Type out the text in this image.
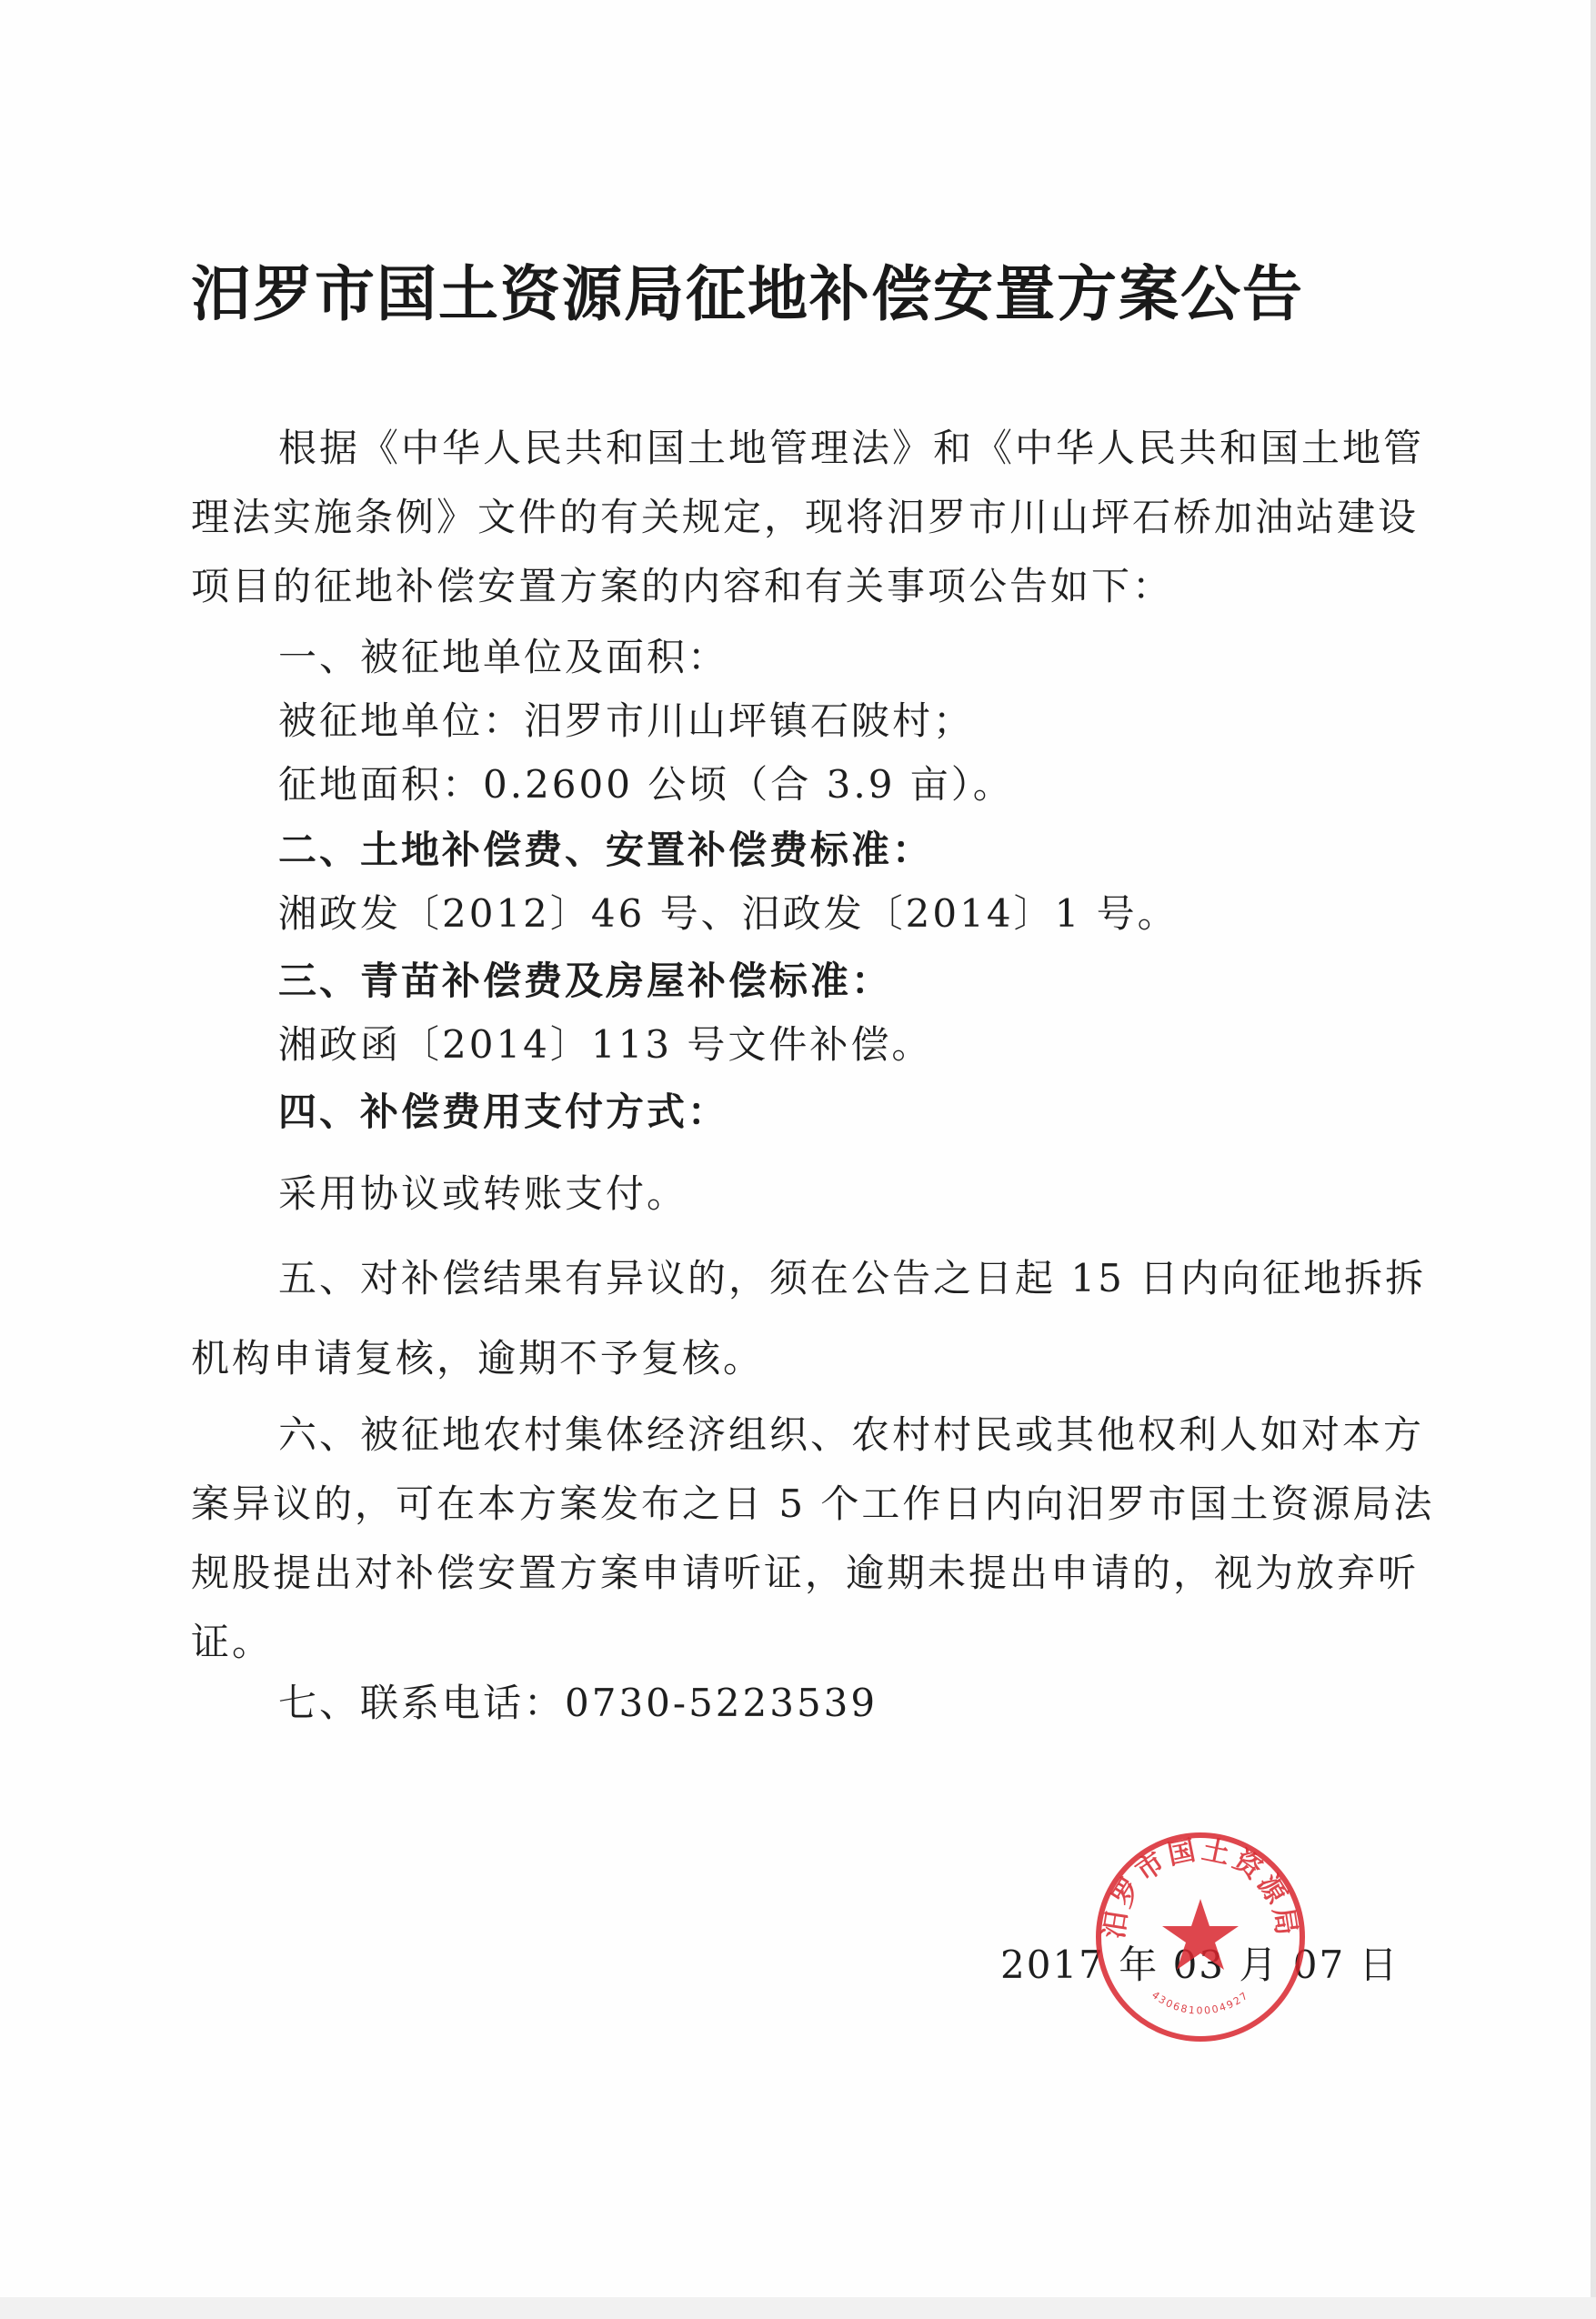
汨罗市国土资源局征地补偿安置方案公告

根据《中华人民共和国土地管理法》和《中华人民共和国土地管理法实施条例》文件的有关规定，现将汨罗市川山坪石桥加油站建设项目的征地补偿安置方案的内容和有关事项公告如下：

一、被征地单位及面积：
被征地单位：汨罗市川山坪镇石陂村；
征地面积：0.2600 公顷（合 3.9 亩）。
二、土地补偿费、安置补偿费标准：
湘政发〔2012〕46 号、汨政发〔2014〕1 号。
三、青苗补偿费及房屋补偿标准：
湘政函〔2014〕113 号文件补偿。
四、补偿费用支付方式：
采用协议或转账支付。

五、对补偿结果有异议的，须在公告之日起 15 日内向征地拆拆机构申请复核，逾期不予复核。

六、被征地农村集体经济组织、农村村民或其他权利人如对本方案异议的，可在本方案发布之日 5 个工作日内向汨罗市国土资源局法规股提出对补偿安置方案申请听证，逾期未提出申请的，视为放弃听证。

七、联系电话：0730-5223539
2017 年 03 月 07 日
汨罗市国土资源局
4306810004927
